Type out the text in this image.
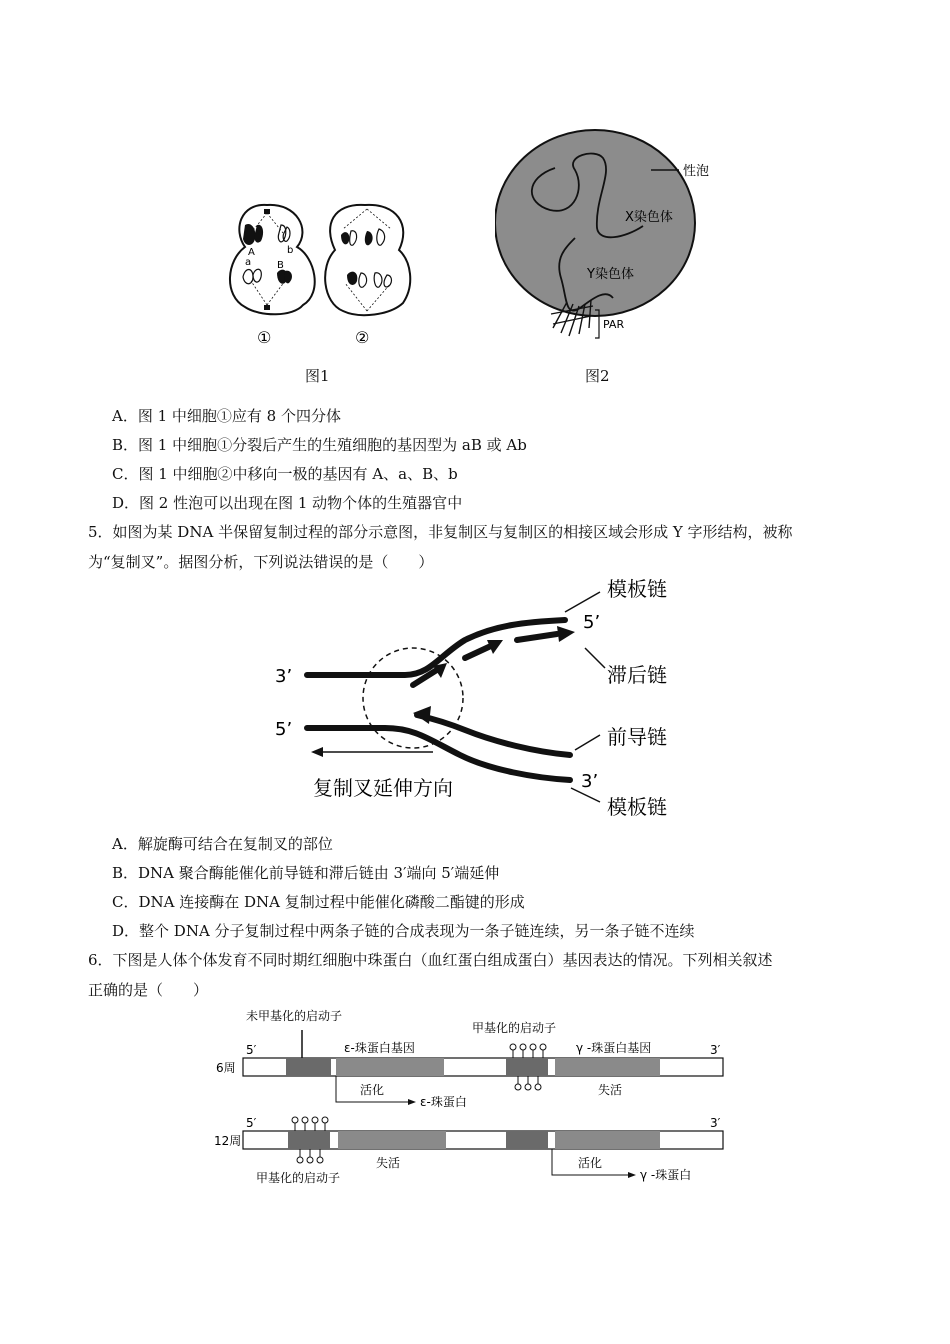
A	b
a	B
①	②
图1
性泡
X染色体
Y染色体
PAR
图2
A．图 1 中细胞①应有 8 个四分体
B．图 1 中细胞①分裂后产生的生殖细胞的基因型为 aB 或 Ab
C．图 1 中细胞②中移向一极的基因有 A、a、B、b
D．图 2 性泡可以出现在图 1 动物个体的生殖器官中
5．如图为某 DNA 半保留复制过程的部分示意图，非复制区与复制区的相接区域会形成 Y 字形结构，被称
为“复制叉”。据图分析，下列说法错误的是（　　）
模板链
5’
3’	滞后链
5’	前导链
3’
模板链
复制叉延伸方向
A．解旋酶可结合在复制叉的部位
B．DNA 聚合酶能催化前导链和滞后链由 3′端向 5′端延伸
C．DNA 连接酶在 DNA 复制过程中能催化磷酸二酯键的形成
D．整个 DNA 分子复制过程中两条子链的合成表现为一条子链连续，另一条子链不连续
6．下图是人体个体发育不同时期红细胞中珠蛋白（血红蛋白组成蛋白）基因表达的情况。下列相关叙述
正确的是（　　）
未甲基化的启动子
甲基化的启动子
ε-珠蛋白基因	γ -珠蛋白基因
5′	3′
6周
活化
ε-珠蛋白
失活
5′	3′
12周
失活
甲基化的启动子
活化
γ -珠蛋白
